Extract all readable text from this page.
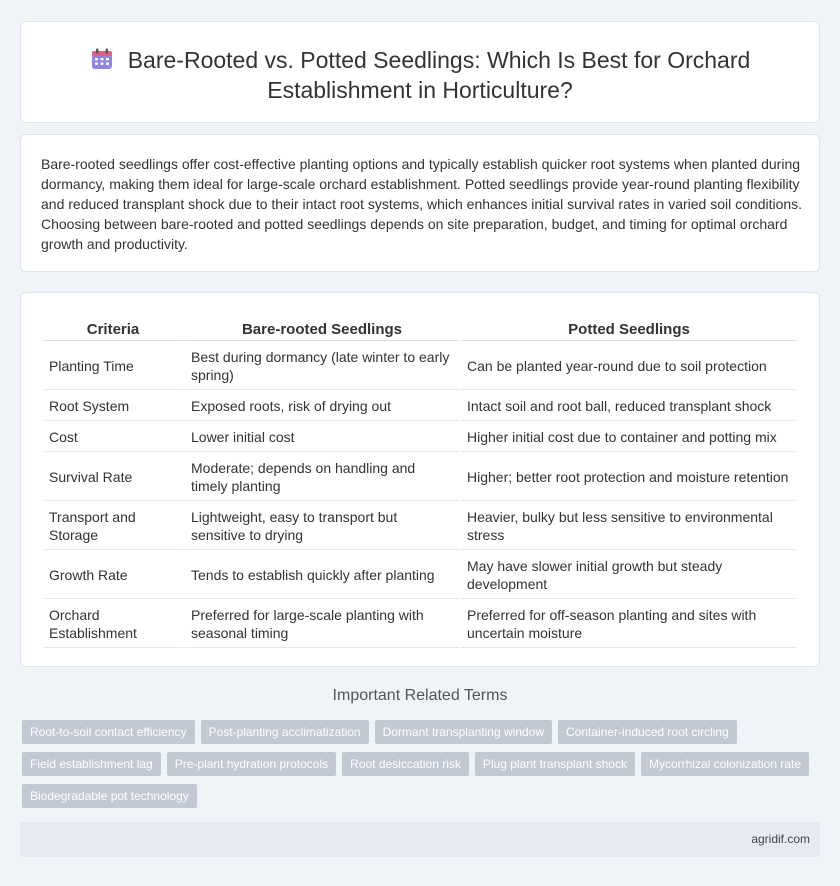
Bare-Rooted vs. Potted Seedlings: Which Is Best for Orchard
Establishment in Horticulture?

Bare-rooted seedlings offer cost-effective planting options and typically establish quicker root systems when planted during dormancy, making them ideal for large-scale orchard establishment. Potted seedlings provide year-round planting flexibility and reduced transplant shock due to their intact root systems, which enhances initial survival rates in varied soil conditions. Choosing between bare-rooted and potted seedlings depends on site preparation, budget, and timing for optimal orchard growth and productivity.

Criteria	Bare-rooted Seedlings	Potted Seedlings
Planting Time	Best during dormancy (late winter to early spring)	Can be planted year-round due to soil protection
Root System	Exposed roots, risk of drying out	Intact soil and root ball, reduced transplant shock
Cost	Lower initial cost	Higher initial cost due to container and potting mix
Survival Rate	Moderate; depends on handling and timely planting	Higher; better root protection and moisture retention
Transport and Storage	Lightweight, easy to transport but sensitive to drying	Heavier, bulky but less sensitive to environmental stress
Growth Rate	Tends to establish quickly after planting	May have slower initial growth but steady development
Orchard Establishment	Preferred for large-scale planting with seasonal timing	Preferred for off-season planting and sites with uncertain moisture
Important Related Terms
Root-to-soil contact efficiency	Post-planting acclimatization	Dormant transplanting window	Container-induced root circling
Field establishment lag	Pre-plant hydration protocols	Root desiccation risk	Plug plant transplant shock	Mycorrhizal colonization rate
Biodegradable pot technology
agridif.com
